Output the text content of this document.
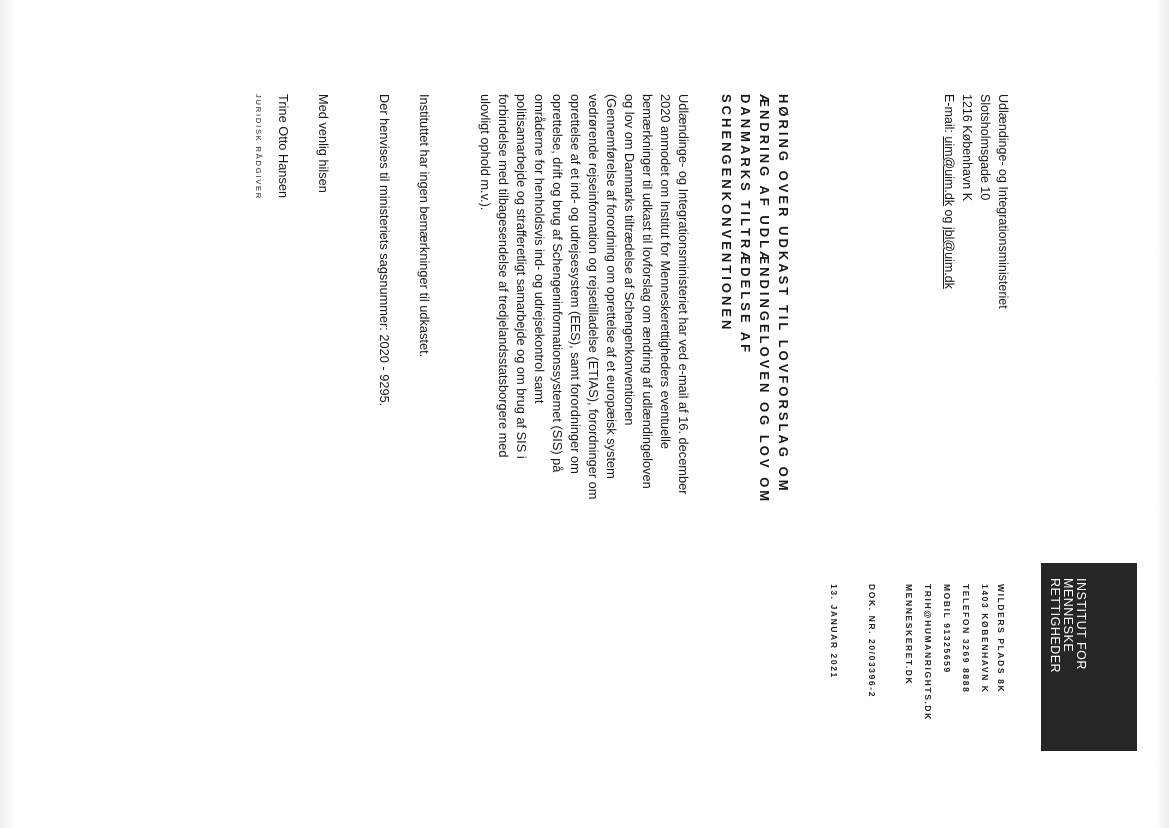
INSTITUT FOR
MENNESKE
RETTIGHEDER
WILDERS PLADS 8K
1403 KØBENHAVN K
TELEFON 3269 8888
MOBIL 91325659
TRIH@HUMANRIGHTS.DK
MENNESKERET.DK
DOK. NR. 20/03396-2
13. JANUAR 2021
Udlændinge- og Integrationsministeriet
Slotsholmsgade 10
1216 København K
E-mail: uim@uim.dk og jbl@uim.dk
HØRING OVER UDKAST TIL LOVFORSLAG OM
ÆNDRING AF UDLÆNDINGELOVEN OG LOV OM
DANMARKS TILTRÆDELSE AF
SCHENGENKONVENTIONEN
Udlændinge- og Integrationsministeriet har ved e-mail af 16. december
2020 anmodet om Institut for Menneskerettigheders eventuelle
bemærkninger til udkast til lovforslag om ændring af udlændingeloven
og lov om Danmarks tiltrædelse af Schengenkonventionen
(Gennemførelse af forordning om oprettelse af et europæisk system
vedrørende rejseinformation og rejsetilladelse (ETIAS), forordninger om
oprettelse af et ind- og udrejsesystem (EES), samt forordninger om
oprettelse, drift og brug af Schengeninformationssystemet (SIS) på
områderne for henholdsvis ind- og udrejsekontrol samt
politisamarbejde og strafferetligt samarbejde og om brug af SIS i
forbindelse med tilbagesendelse af tredjelandsstatsborgere med
ulovligt ophold m.v.).
Instituttet har ingen bemærkninger til udkastet.
Der henvises til ministeriets sagsnummer: 2020 - 9295.
Med venlig hilsen
Trine Otto Hansen
JURIDISK RÅDGIVER
